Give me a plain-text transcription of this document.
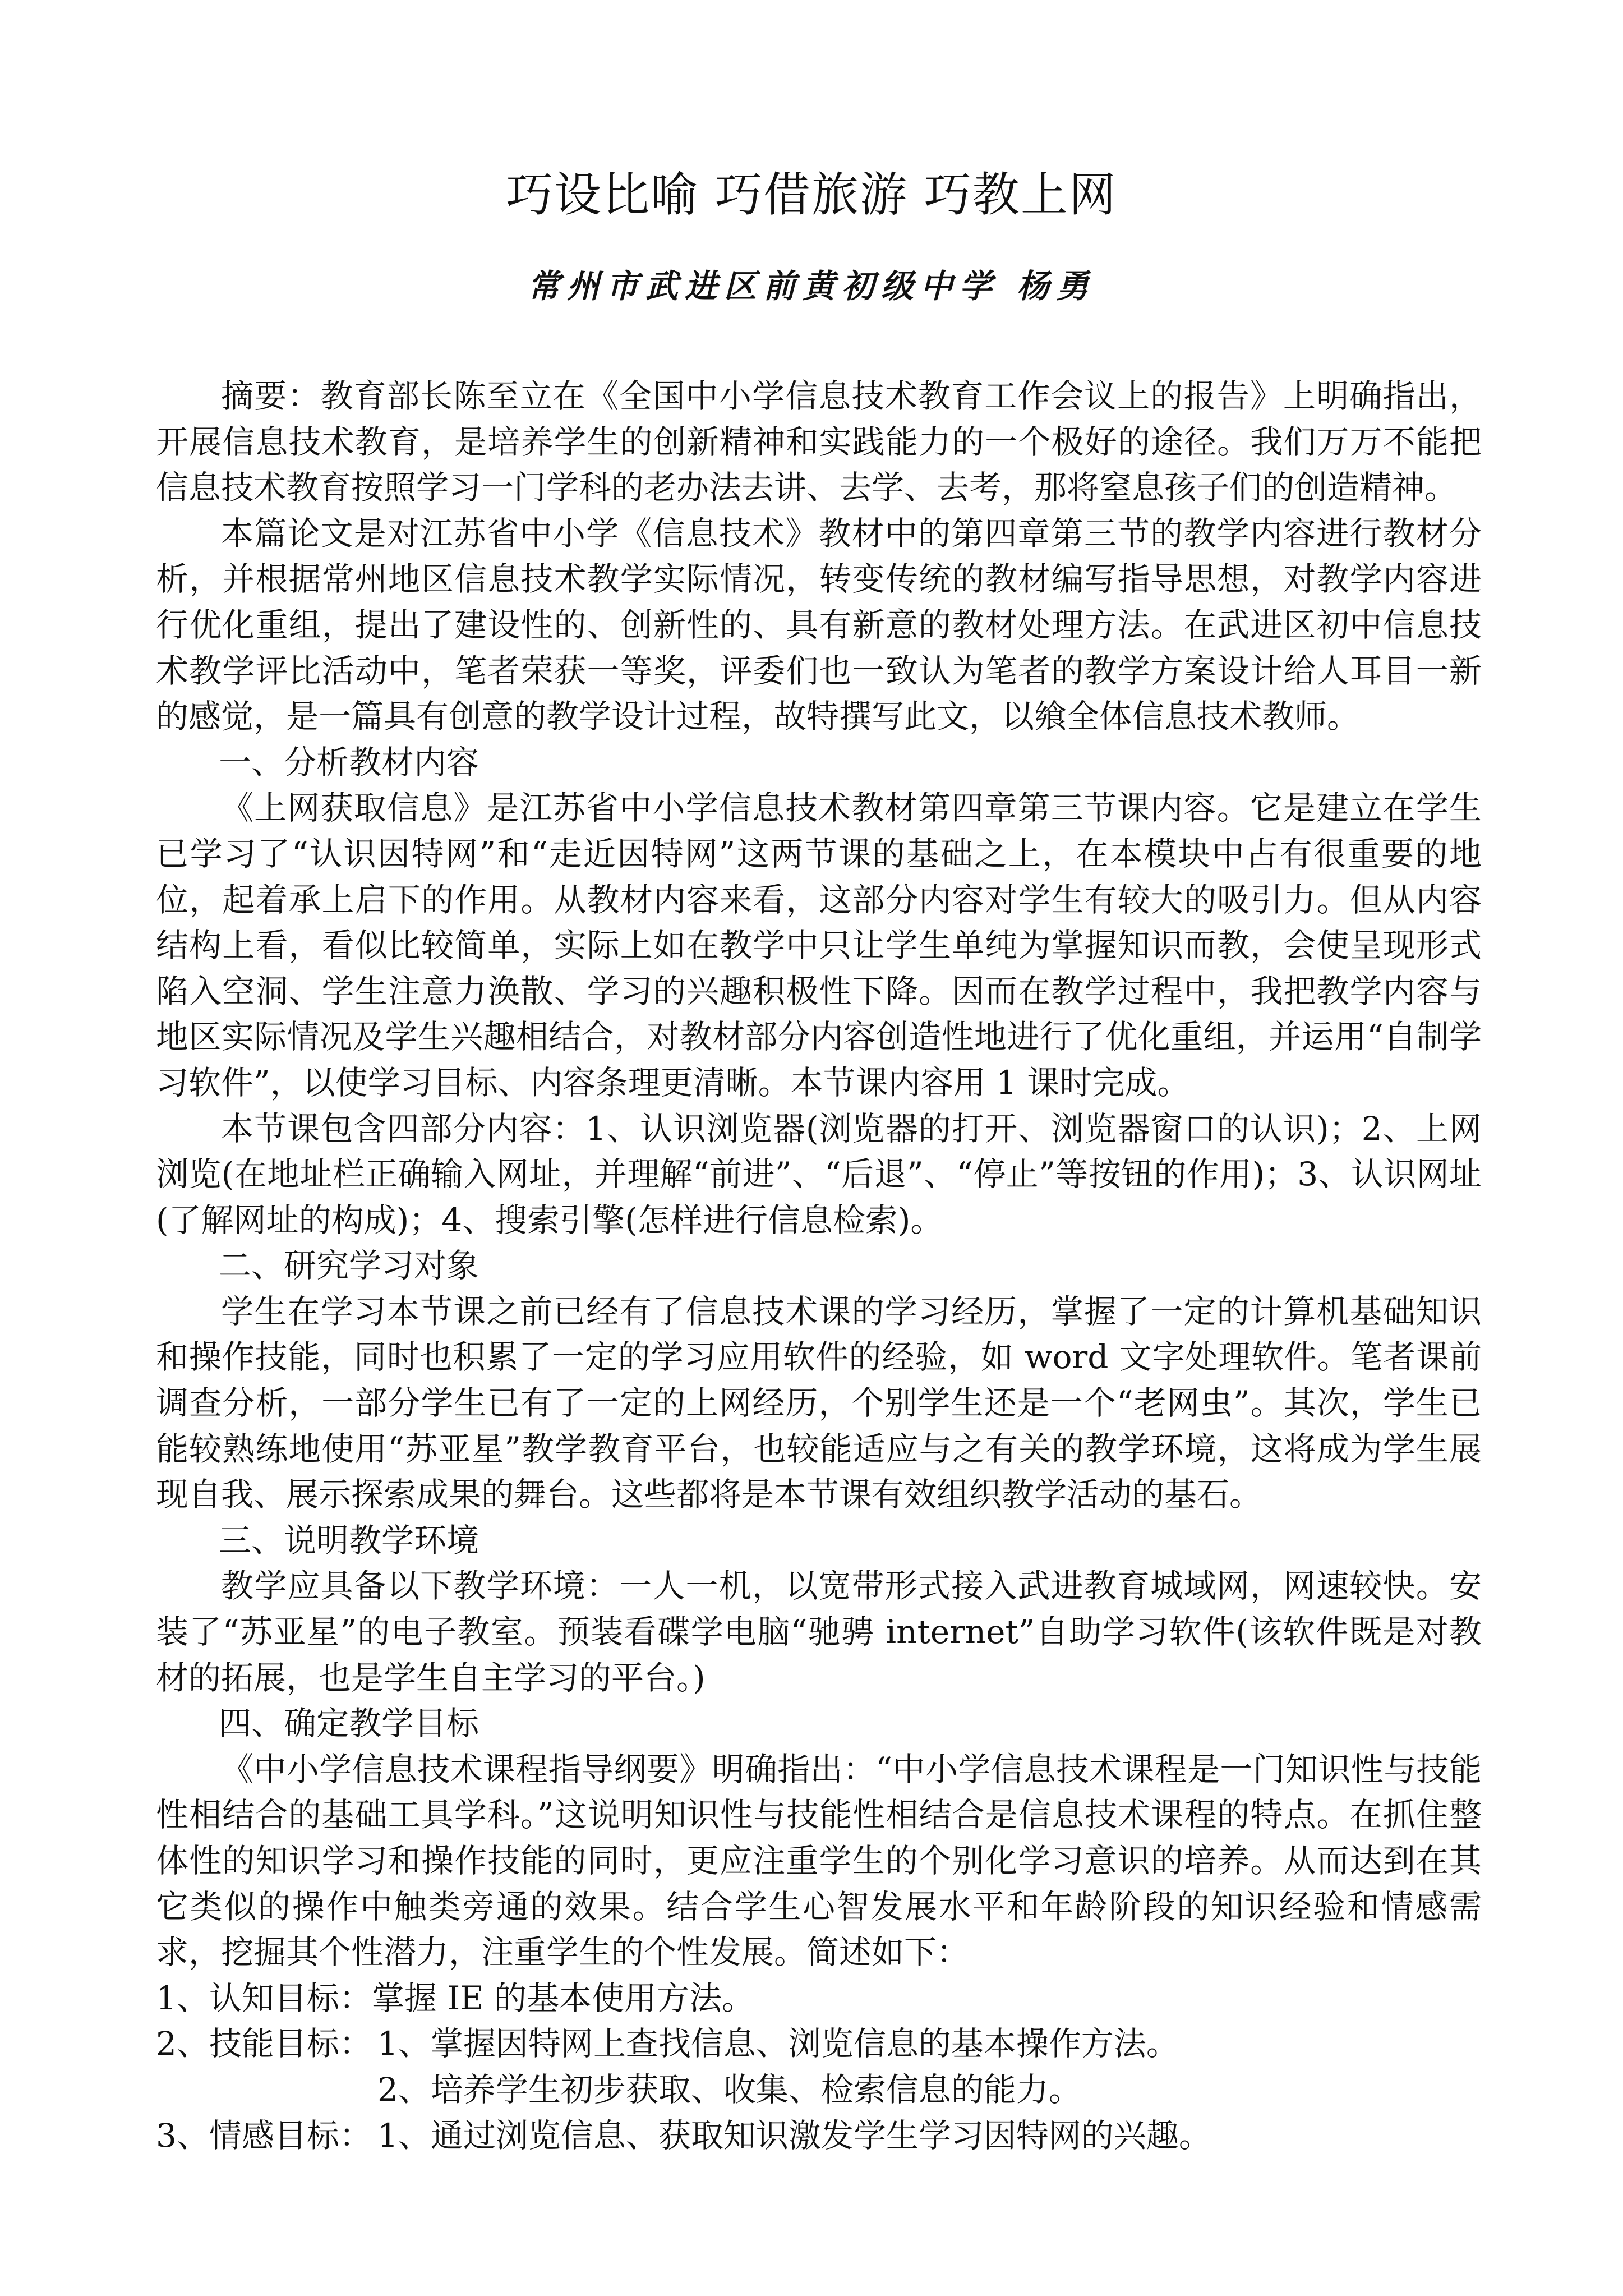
巧设比喻 巧借旅游 巧教上网
常州市武进区前黄初级中学 杨勇

摘要：教育部长陈至立在《全国中小学信息技术教育工作会议上的报告》上明确指出，开展信息技术教育，是培养学生的创新精神和实践能力的一个极好的途径。我们万万不能把信息技术教育按照学习一门学科的老办法去讲、去学、去考，那将窒息孩子们的创造精神。

本篇论文是对江苏省中小学《信息技术》教材中的第四章第三节的教学内容进行教材分析，并根据常州地区信息技术教学实际情况，转变传统的教材编写指导思想，对教学内容进行优化重组，提出了建设性的、创新性的、具有新意的教材处理方法。在武进区初中信息技术教学评比活动中，笔者荣获一等奖，评委们也一致认为笔者的教学方案设计给人耳目一新的感觉，是一篇具有创意的教学设计过程，故特撰写此文，以飨全体信息技术教师。

一、分析教材内容

《上网获取信息》是江苏省中小学信息技术教材第四章第三节课内容。它是建立在学生已学习了“认识因特网”和“走近因特网”这两节课的基础之上，在本模块中占有很重要的地位，起着承上启下的作用。从教材内容来看，这部分内容对学生有较大的吸引力。但从内容结构上看，看似比较简单，实际上如在教学中只让学生单纯为掌握知识而教，会使呈现形式陷入空洞、学生注意力涣散、学习的兴趣积极性下降。因而在教学过程中，我把教学内容与地区实际情况及学生兴趣相结合，对教材部分内容创造性地进行了优化重组，并运用“自制学习软件”，以使学习目标、内容条理更清晰。本节课内容用 1 课时完成。

本节课包含四部分内容：1、认识浏览器(浏览器的打开、浏览器窗口的认识)；2、上网浏览(在地址栏正确输入网址，并理解“前进”、“后退”、“停止”等按钮的作用)；3、认识网址(了解网址的构成)；4、搜索引擎(怎样进行信息检索)。

二、研究学习对象

学生在学习本节课之前已经有了信息技术课的学习经历，掌握了一定的计算机基础知识和操作技能，同时也积累了一定的学习应用软件的经验，如 word 文字处理软件。笔者课前调查分析，一部分学生已有了一定的上网经历，个别学生还是一个“老网虫”。其次，学生已能较熟练地使用“苏亚星”教学教育平台，也较能适应与之有关的教学环境，这将成为学生展现自我、展示探索成果的舞台。这些都将是本节课有效组织教学活动的基石。

三、说明教学环境

教学应具备以下教学环境：一人一机，以宽带形式接入武进教育城域网，网速较快。安装了“苏亚星”的电子教室。预装看碟学电脑“驰骋 internet”自助学习软件(该软件既是对教材的拓展，也是学生自主学习的平台。)

四、确定教学目标

《中小学信息技术课程指导纲要》明确指出：“中小学信息技术课程是一门知识性与技能性相结合的基础工具学科。”这说明知识性与技能性相结合是信息技术课程的特点。在抓住整体性的知识学习和操作技能的同时，更应注重学生的个别化学习意识的培养。从而达到在其它类似的操作中触类旁通的效果。结合学生心智发展水平和年龄阶段的知识经验和情感需求，挖掘其个性潜力，注重学生的个性发展。简述如下：

1、认知目标：掌握 IE 的基本使用方法。

2、技能目标： 1、掌握因特网上查找信息、浏览信息的基本操作方法。
2、培养学生初步获取、收集、检索信息的能力。
3、情感目标： 1、通过浏览信息、获取知识激发学生学习因特网的兴趣。
